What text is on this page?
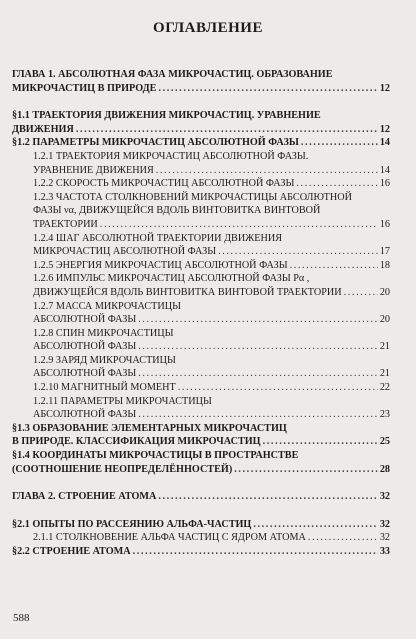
ОГЛАВЛЕНИЕ
ГЛАВА 1. АБСОЛЮТНАЯ ФАЗА МИКРОЧАСТИЦ. ОБРАЗОВАНИЕ
МИКРОЧАСТИЦ В ПРИРОДЕ .....	12
§1.1 ТРАЕКТОРИЯ ДВИЖЕНИЯ МИКРОЧАСТИЦ. УРАВНЕНИЕ
ДВИЖЕНИЯ .....	12
§1.2 ПАРАМЕТРЫ МИКРОЧАСТИЦ АБСОЛЮТНОЙ ФАЗЫ .....	14
1.2.1 ТРАЕКТОРИЯ МИКРОЧАСТИЦ АБСОЛЮТНОЙ ФАЗЫ.
УРАВНЕНИЕ ДВИЖЕНИЯ .....	14
1.2.2 СКОРОСТЬ МИКРОЧАСТИЦ АБСОЛЮТНОЙ ФАЗЫ .....	16
1.2.3 ЧАСТОТА СТОЛКНОВЕНИЙ МИКРОЧАСТИЦЫ АБСОЛЮТНОЙ
ФАЗЫ να, ДВИЖУЩЕЙСЯ ВДОЛЬ ВИНТОВИТКА ВИНТОВОЙ
ТРАЕКТОРИИ .....	16
1.2.4 ШАГ АБСОЛЮТНОЙ ТРАЕКТОРИИ ДВИЖЕНИЯ
МИКРОЧАСТИЦ АБСОЛЮТНОЙ ФАЗЫ .....	17
1.2.5 ЭНЕРГИЯ МИКРОЧАСТИЦ АБСОЛЮТНОЙ ФАЗЫ .....	18
1.2.6 ИМПУЛЬС МИКРОЧАСТИЦ АБСОЛЮТНОЙ ФАЗЫ Pα ,
ДВИЖУЩЕЙСЯ ВДОЛЬ ВИНТОВИТКА ВИНТОВОЙ ТРАЕКТОРИИ .....	20
1.2.7 МАССА МИКРОЧАСТИЦЫ
АБСОЛЮТНОЙ ФАЗЫ .....	20
1.2.8 СПИН МИКРОЧАСТИЦЫ
АБСОЛЮТНОЙ ФАЗЫ .....	21
1.2.9 ЗАРЯД МИКРОЧАСТИЦЫ
АБСОЛЮТНОЙ ФАЗЫ .....	21
1.2.10 МАГНИТНЫЙ МОМЕНТ .....	22
1.2.11 ПАРАМЕТРЫ МИКРОЧАСТИЦЫ
АБСОЛЮТНОЙ ФАЗЫ .....	23
§1.3 ОБРАЗОВАНИЕ ЭЛЕМЕНТАРНЫХ МИКРОЧАСТИЦ
В ПРИРОДЕ. КЛАССИФИКАЦИЯ МИКРОЧАСТИЦ .....	25
§1.4 КООРДИНАТЫ МИКРОЧАСТИЦЫ В ПРОСТРАНСТВЕ
(СООТНОШЕНИЕ НЕОПРЕДЕЛЁННОСТЕЙ) .....	28
ГЛАВА 2. СТРОЕНИЕ АТОМА .....	32
§2.1 ОПЫТЫ ПО РАССЕЯНИЮ АЛЬФА-ЧАСТИЦ .....	32
2.1.1 СТОЛКНОВЕНИЕ АЛЬФА ЧАСТИЦ С ЯДРОМ АТОМА .....	32
§2.2 СТРОЕНИЕ АТОМА .....	33
588
